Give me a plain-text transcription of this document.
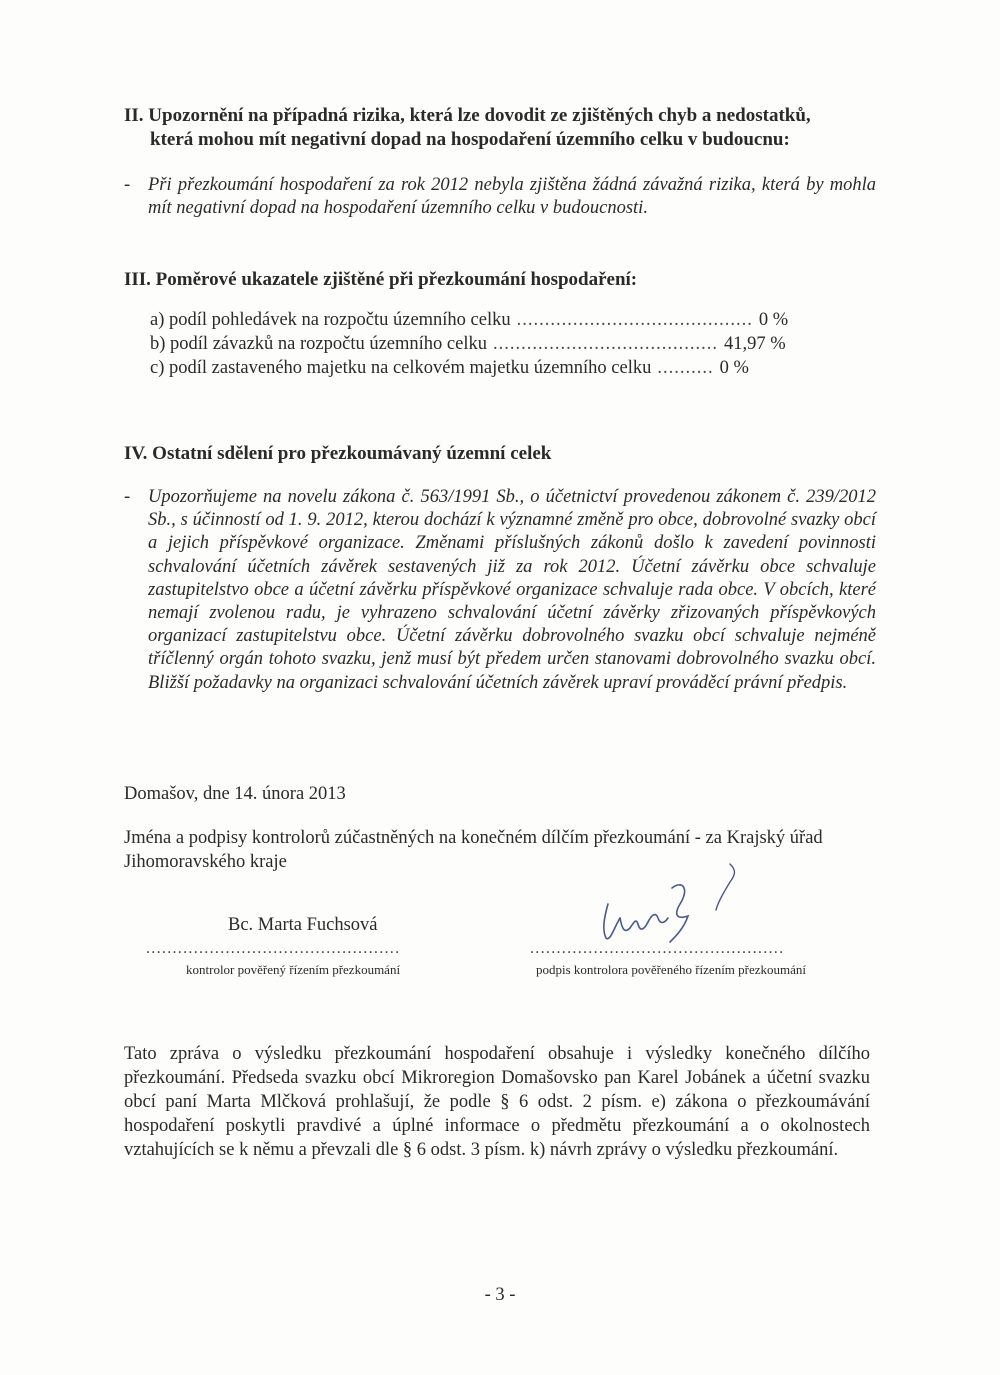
II. Upozornění na případná rizika, která lze dovodit ze zjištěných chyb a nedostatků,
která mohou mít negativní dopad na hospodaření územního celku v budoucnu:
- Při přezkoumání hospodaření za rok 2012 nebyla zjištěna žádná závažná rizika, která by mohla mít negativní dopad na hospodaření územního celku v budoucnosti.

III. Poměrové ukazatele zjištěné při přezkoumání hospodaření:
a) podíl pohledávek na rozpočtu územního celku .......................................... 0 %
b) podíl závazků na rozpočtu územního celku ........................................ 41,97 %
c) podíl zastaveného majetku na celkovém majetku územního celku .......... 0 %
IV. Ostatní sdělení pro přezkoumávaný územní celek
- Upozorňujeme na novelu zákona č. 563/1991 Sb., o účetnictví provedenou zákonem č. 239/2012 Sb., s účinností od 1. 9. 2012, kterou dochází k významné změně pro obce, dobrovolné svazky obcí a jejich příspěvkové organizace. Změnami příslušných zákonů došlo k zavedení povinnosti schvalování účetních závěrek sestavených již za rok 2012. Účetní závěrku obce schvaluje zastupitelstvo obce a účetní závěrku příspěvkové organizace schvaluje rada obce. V obcích, které nemají zvolenou radu, je vyhrazeno schvalování účetní závěrky zřizovaných příspěvkových organizací zastupitelstvu obce. Účetní závěrku dobrovolného svazku obcí schvaluje nejméně tříčlenný orgán tohoto svazku, jenž musí být předem určen stanovami dobrovolného svazku obcí. Bližší požadavky na organizaci schvalování účetních závěrek upraví prováděcí právní předpis.

Domašov, dne 14. února 2013

Jména a podpisy kontrolorů zúčastněných na konečném dílčím přezkoumání - za Krajský úřad Jihomoravského kraje

Bc. Marta Fuchsová
................................................
kontrolor pověřený řízením přezkoumání
................................................
podpis kontrolora pověřeného řízením přezkoumání

Tato zpráva o výsledku přezkoumání hospodaření obsahuje i výsledky konečného dílčího přezkoumání. Předseda svazku obcí Mikroregion Domašovsko pan Karel Jobánek a účetní svazku obcí paní Marta Mlčková prohlašují, že podle § 6 odst. 2 písm. e) zákona o přezkoumávání hospodaření poskytli pravdivé a úplné informace o předmětu přezkoumání a o okolnostech vztahujících se k němu a převzali dle § 6 odst. 3 písm. k) návrh zprávy o výsledku přezkoumání.

- 3 -
